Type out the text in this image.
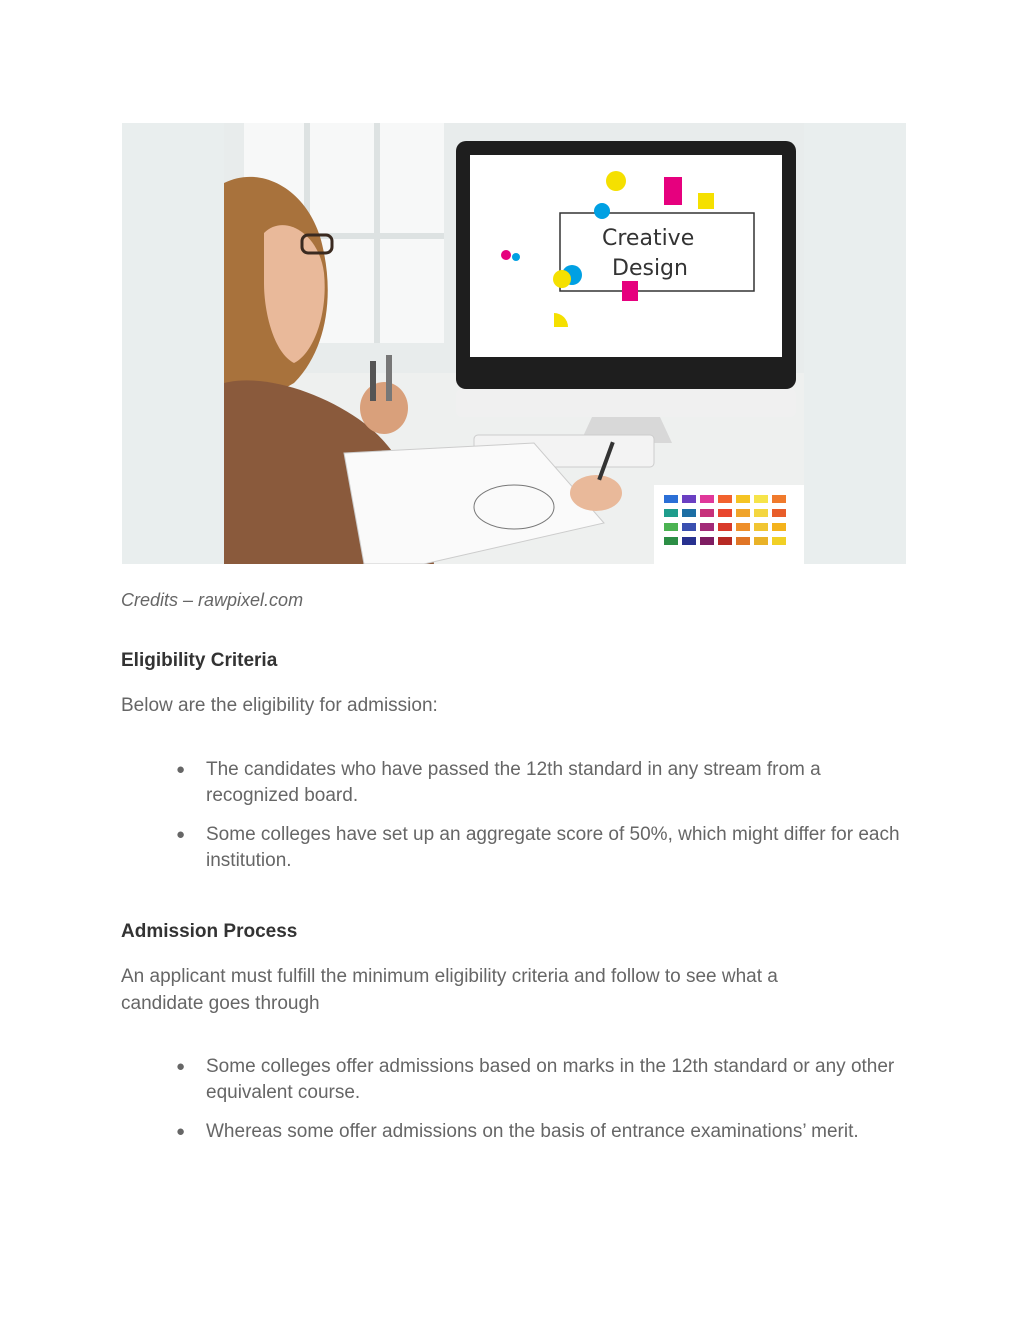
Creative
Design
Credits – rawpixel.com
Eligibility Criteria

Below are the eligibility for admission:

● The candidates who have passed the 12th standard in any stream from a recognized board.
● Some colleges have set up an aggregate score of 50%, which might differ for each institution.
Admission Process

An applicant must fulfill the minimum eligibility criteria and follow to see what a candidate goes through

● Some colleges offer admissions based on marks in the 12th standard or any other equivalent course.
● Whereas some offer admissions on the basis of entrance examinations’ merit.
